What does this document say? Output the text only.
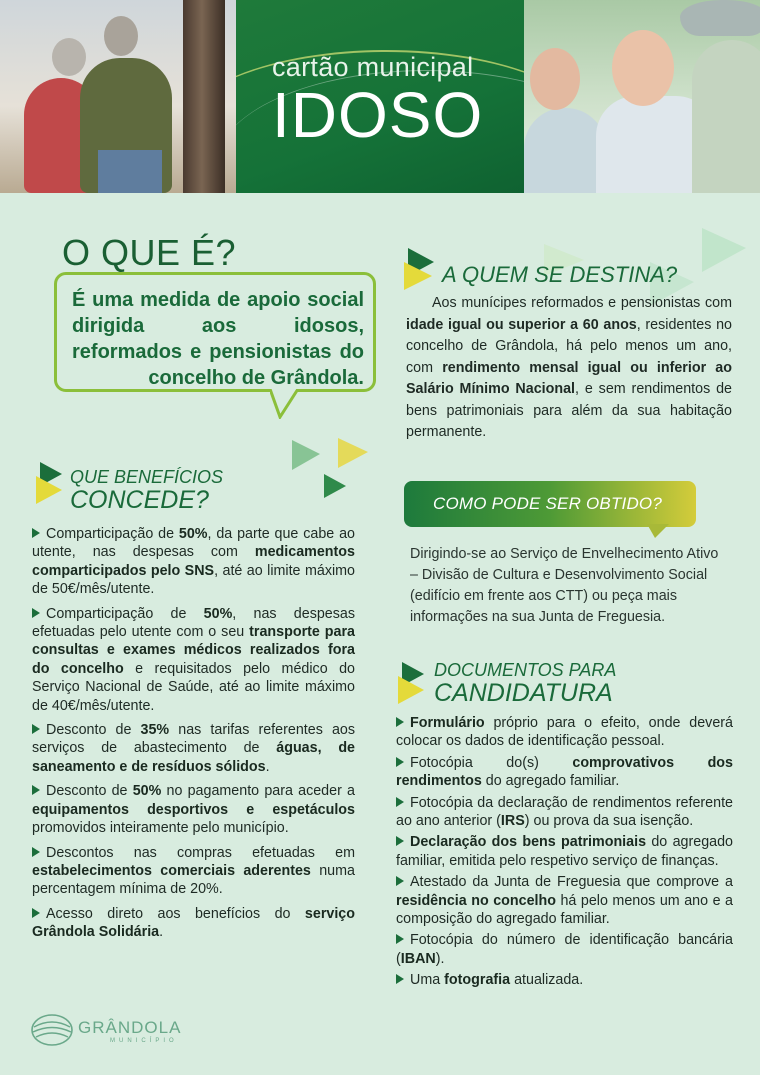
cartão municipal
IDOSO
O QUE É?
É uma medida de apoio social dirigida aos idosos, reformados e pensionistas do concelho de Grândola.
QUE BENEFÍCIOS
CONCEDE?
Comparticipação de 50%, da parte que cabe ao utente, nas despesas com medicamentos comparticipados pelo SNS, até ao limite máximo de 50€/mês/utente.
Comparticipação de 50%, nas despesas efetuadas pelo utente com o seu transporte para consultas e exames médicos realizados fora do concelho e requisitados pelo médico do Serviço Nacional de Saúde, até ao limite máximo de 40€/mês/utente.
Desconto de 35% nas tarifas referentes aos serviços de abastecimento de águas, de saneamento e de resíduos sólidos.
Desconto de 50% no pagamento para aceder a equipamentos desportivos e espetáculos promovidos inteiramente pelo município.
Descontos nas compras efetuadas em estabelecimentos comerciais aderentes numa percentagem mínima de 20%.
Acesso direto aos benefícios do serviço Grândola Solidária.
A QUEM SE DESTINA?
Aos munícipes reformados e pensionistas com idade igual ou superior a 60 anos, residentes no concelho de Grândola, há pelo menos um ano, com rendimento mensal igual ou inferior ao Salário Mínimo Nacional, e sem rendimentos de bens patrimoniais para além da sua habitação permanente.
COMO PODE SER OBTIDO?
Dirigindo-se ao Serviço de Envelhecimento Ativo – Divisão de Cultura e Desenvolvimento Social (edifício em frente aos CTT) ou peça mais informações na sua Junta de Freguesia.
DOCUMENTOS PARA
CANDIDATURA
Formulário próprio para o efeito, onde deverá colocar os dados de identificação pessoal.
Fotocópia do(s) comprovativos dos rendimentos do agregado familiar.
Fotocópia da declaração de rendimentos referente ao ano anterior (IRS) ou prova da sua isenção.
Declaração dos bens patrimoniais do agregado familiar, emitida pelo respetivo serviço de finanças.
Atestado da Junta de Freguesia que comprove a residência no concelho há pelo menos um ano e a composição do agregado familiar.
Fotocópia do número de identificação bancária (IBAN).
Uma fotografia atualizada.
GRÂNDOLA
MUNICÍPIO
